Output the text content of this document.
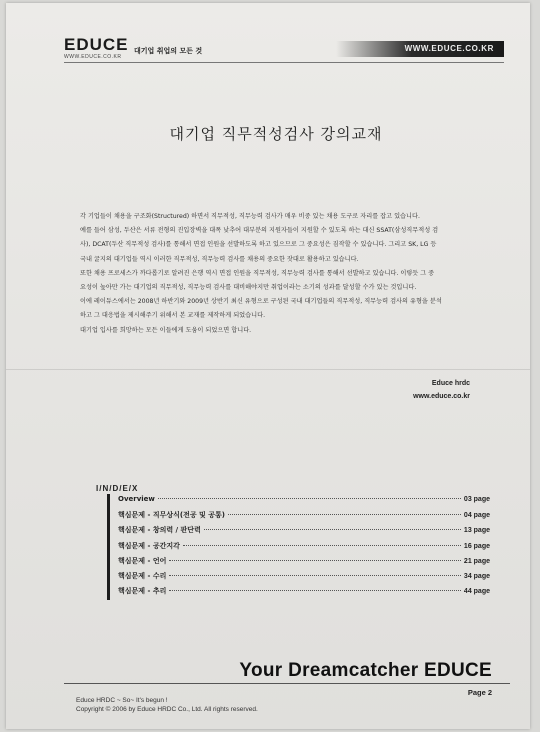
EDUCE
WWW.EDUCE.CO.KR
대기업 취업의 모든 것	WWW.EDUCE.CO.KR
대기업 직무적성검사 강의교재

각 기업들이 채용을 구조화(Structured) 하면서 직무적성, 직무능력 검사가 매우 비중 있는 채용 도구로 자리를 잡고 있습니다.

예를 들어 삼성, 두산은 서류 전형의 진입장벽을 대폭 낮추어 대부분의 지원자들이 지원할 수 있도록 하는 대신 SSAT(삼성직무적성 검

사), DCAT(두산 직무적성 검사)를 통해서 면접 인원을 선발하도록 하고 있으므로 그 중요성은 짐작할 수 있습니다. 그리고 SK, LG 등

국내 굴지의 대기업들 역시 이러한 직무적성, 직무능력 검사를 채용의 중요한 잣대로 활용하고 있습니다.

또한 채용 프로세스가 까다롭기로 알려진 은행 역시 면접 인원을 직무적성, 직무능력 검사를 통해서 선발하고 있습니다. 이렇듯 그 중

요성이 높아만 가는 대기업의 직무적성, 직무능력 검사를 대비해야지만 취업이라는 소기의 성과를 달성할 수가 있는 것입니다.

이에 레이듀스에서는 2008년 하반기와 2009년 상반기 최신 유형으로 구성된 국내 대기업들의 직무적성, 직무능력 검사의 유형을 분석

하고 그 대응법을 제시해주기 위해서 본 교재를 제작하게 되었습니다.

대기업 입사를 희망하는 모든 이들에게 도움이 되었으면 합니다.

Educe hrdc
www.educe.co.kr
I/N/D/E/X
Overview	03 page
핵심문제 - 직무상식(전공 및 공통)	04 page
핵심문제 - 창의력 / 판단력	13 page
핵심문제 - 공간지각	16 page
핵심문제 - 언어	21 page
핵심문제 - 수리	34 page
핵심문제 - 추리	44 page
Your Dreamcatcher EDUCE
Page 2
Educe HRDC ~ So~ It's begun !
Copyright © 2006 by Educe HRDC Co., Ltd. All rights reserved.
